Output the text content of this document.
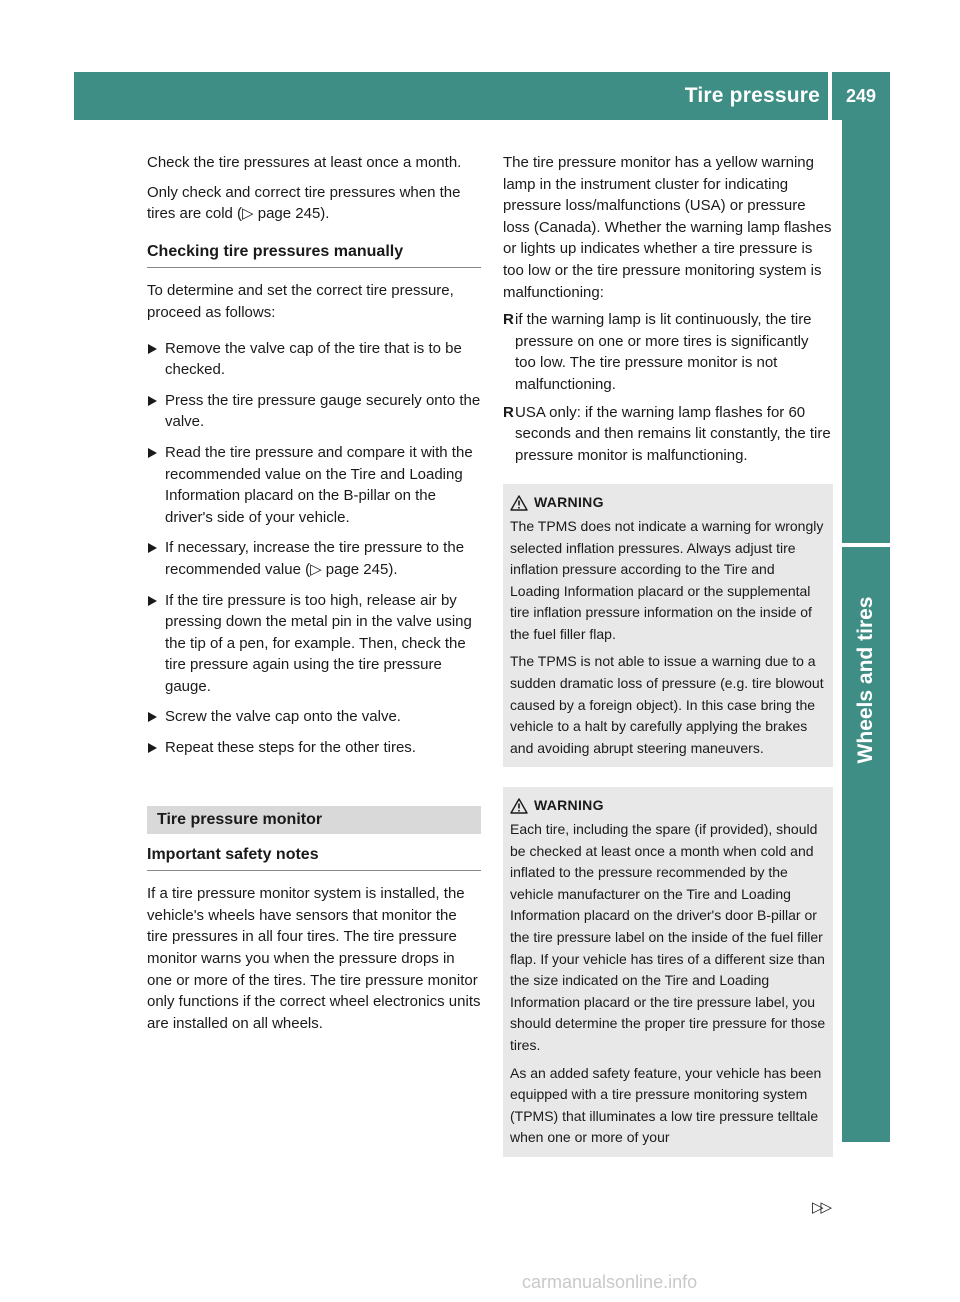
Tire pressure	249
Wheels and tires

Check the tire pressures at least once a month.

Only check and correct tire pressures when the tires are cold (▷ page 245).

Checking tire pressures manually

To determine and set the correct tire pressure, proceed as follows:

Remove the valve cap of the tire that is to be checked.
Press the tire pressure gauge securely onto the valve.
Read the tire pressure and compare it with the recommended value on the Tire and Loading Information placard on the B-pillar on the driver's side of your vehicle.
If necessary, increase the tire pressure to the recommended value (▷ page 245).
If the tire pressure is too high, release air by pressing down the metal pin in the valve using the tip of a pen, for example. Then, check the tire pressure again using the tire pressure gauge.
Screw the valve cap onto the valve.
Repeat these steps for the other tires.
Tire pressure monitor
Important safety notes

If a tire pressure monitor system is installed, the vehicle's wheels have sensors that monitor the tire pressures in all four tires. The tire pressure monitor warns you when the pressure drops in one or more of the tires. The tire pressure monitor only functions if the correct wheel electronics units are installed on all wheels.

The tire pressure monitor has a yellow warning lamp in the instrument cluster for indicating pressure loss/malfunctions (USA) or pressure loss (Canada). Whether the warning lamp flashes or lights up indicates whether a tire pressure is too low or the tire pressure monitoring system is malfunctioning:

R if the warning lamp is lit continuously, the tire pressure on one or more tires is significantly too low. The tire pressure monitor is not malfunctioning.
R USA only: if the warning lamp flashes for 60 seconds and then remains lit constantly, the tire pressure monitor is malfunctioning.
WARNING

The TPMS does not indicate a warning for wrongly selected inflation pressures. Always adjust tire inflation pressure according to the Tire and Loading Information placard or the supplemental tire inflation pressure information on the inside of the fuel filler flap.

The TPMS is not able to issue a warning due to a sudden dramatic loss of pressure (e.g. tire blowout caused by a foreign object). In this case bring the vehicle to a halt by carefully applying the brakes and avoiding abrupt steering maneuvers.

WARNING

Each tire, including the spare (if provided), should be checked at least once a month when cold and inflated to the pressure recommended by the vehicle manufacturer on the Tire and Loading Information placard on the driver's door B-pillar or the tire pressure label on the inside of the fuel filler flap. If your vehicle has tires of a different size than the size indicated on the Tire and Loading Information placard or the tire pressure label, you should determine the proper tire pressure for those tires.

As an added safety feature, your vehicle has been equipped with a tire pressure monitoring system (TPMS) that illuminates a low tire pressure telltale when one or more of your

▷▷
carmanualsonline.info
